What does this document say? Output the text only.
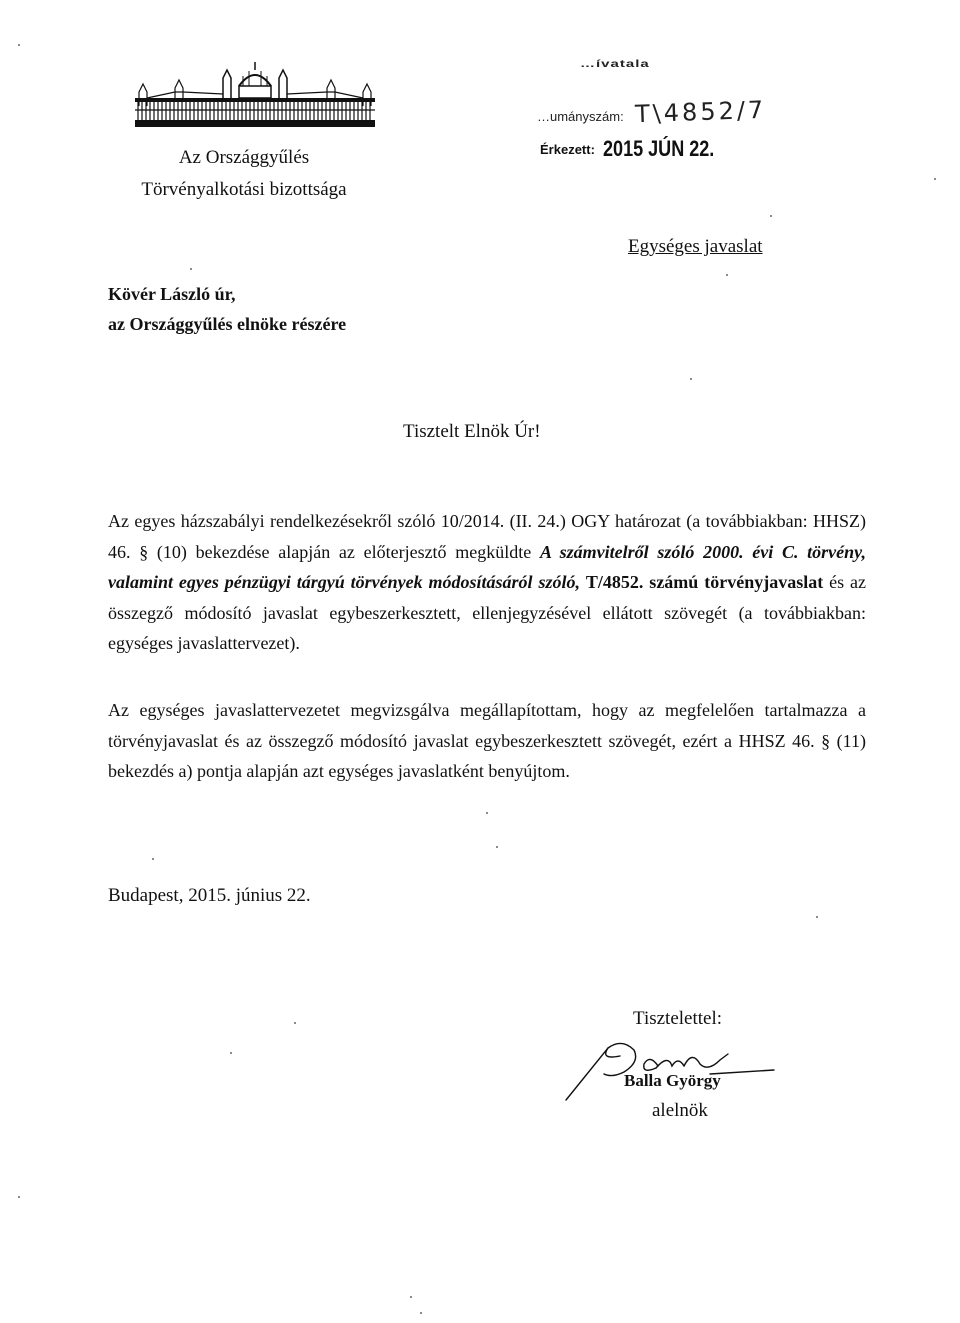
Az Országgyűlés
Törvényalkotási bizottsága
…ívatala
…umányszám: T\4852/7
Érkezett: 2015 JÚN 22.
Egységes javaslat
Kövér László úr,
az Országgyűlés elnöke részére
Tisztelt Elnök Úr!
Az egyes házszabályi rendelkezésekről szóló 10/2014. (II. 24.) OGY határozat (a továbbiakban: HHSZ) 46. § (10) bekezdése alapján az előterjesztő megküldte A számvitelről szóló 2000. évi C. törvény, valamint egyes pénzügyi tárgyú törvények módosításáról szóló, T/4852. számú törvényjavaslat és az összegző módosító javaslat egybeszerkesztett, ellenjegyzésével ellátott szövegét (a továbbiakban: egységes javaslattervezet).
Az egységes javaslattervezetet megvizsgálva megállapítottam, hogy az megfelelően tartalmazza a törvényjavaslat és az összegző módosító javaslat egybeszerkesztett szövegét, ezért a HHSZ 46. § (11) bekezdés a) pontja alapján azt egységes javaslatként benyújtom.
Budapest, 2015. június 22.
Tisztelettel:
Balla György
alelnök
